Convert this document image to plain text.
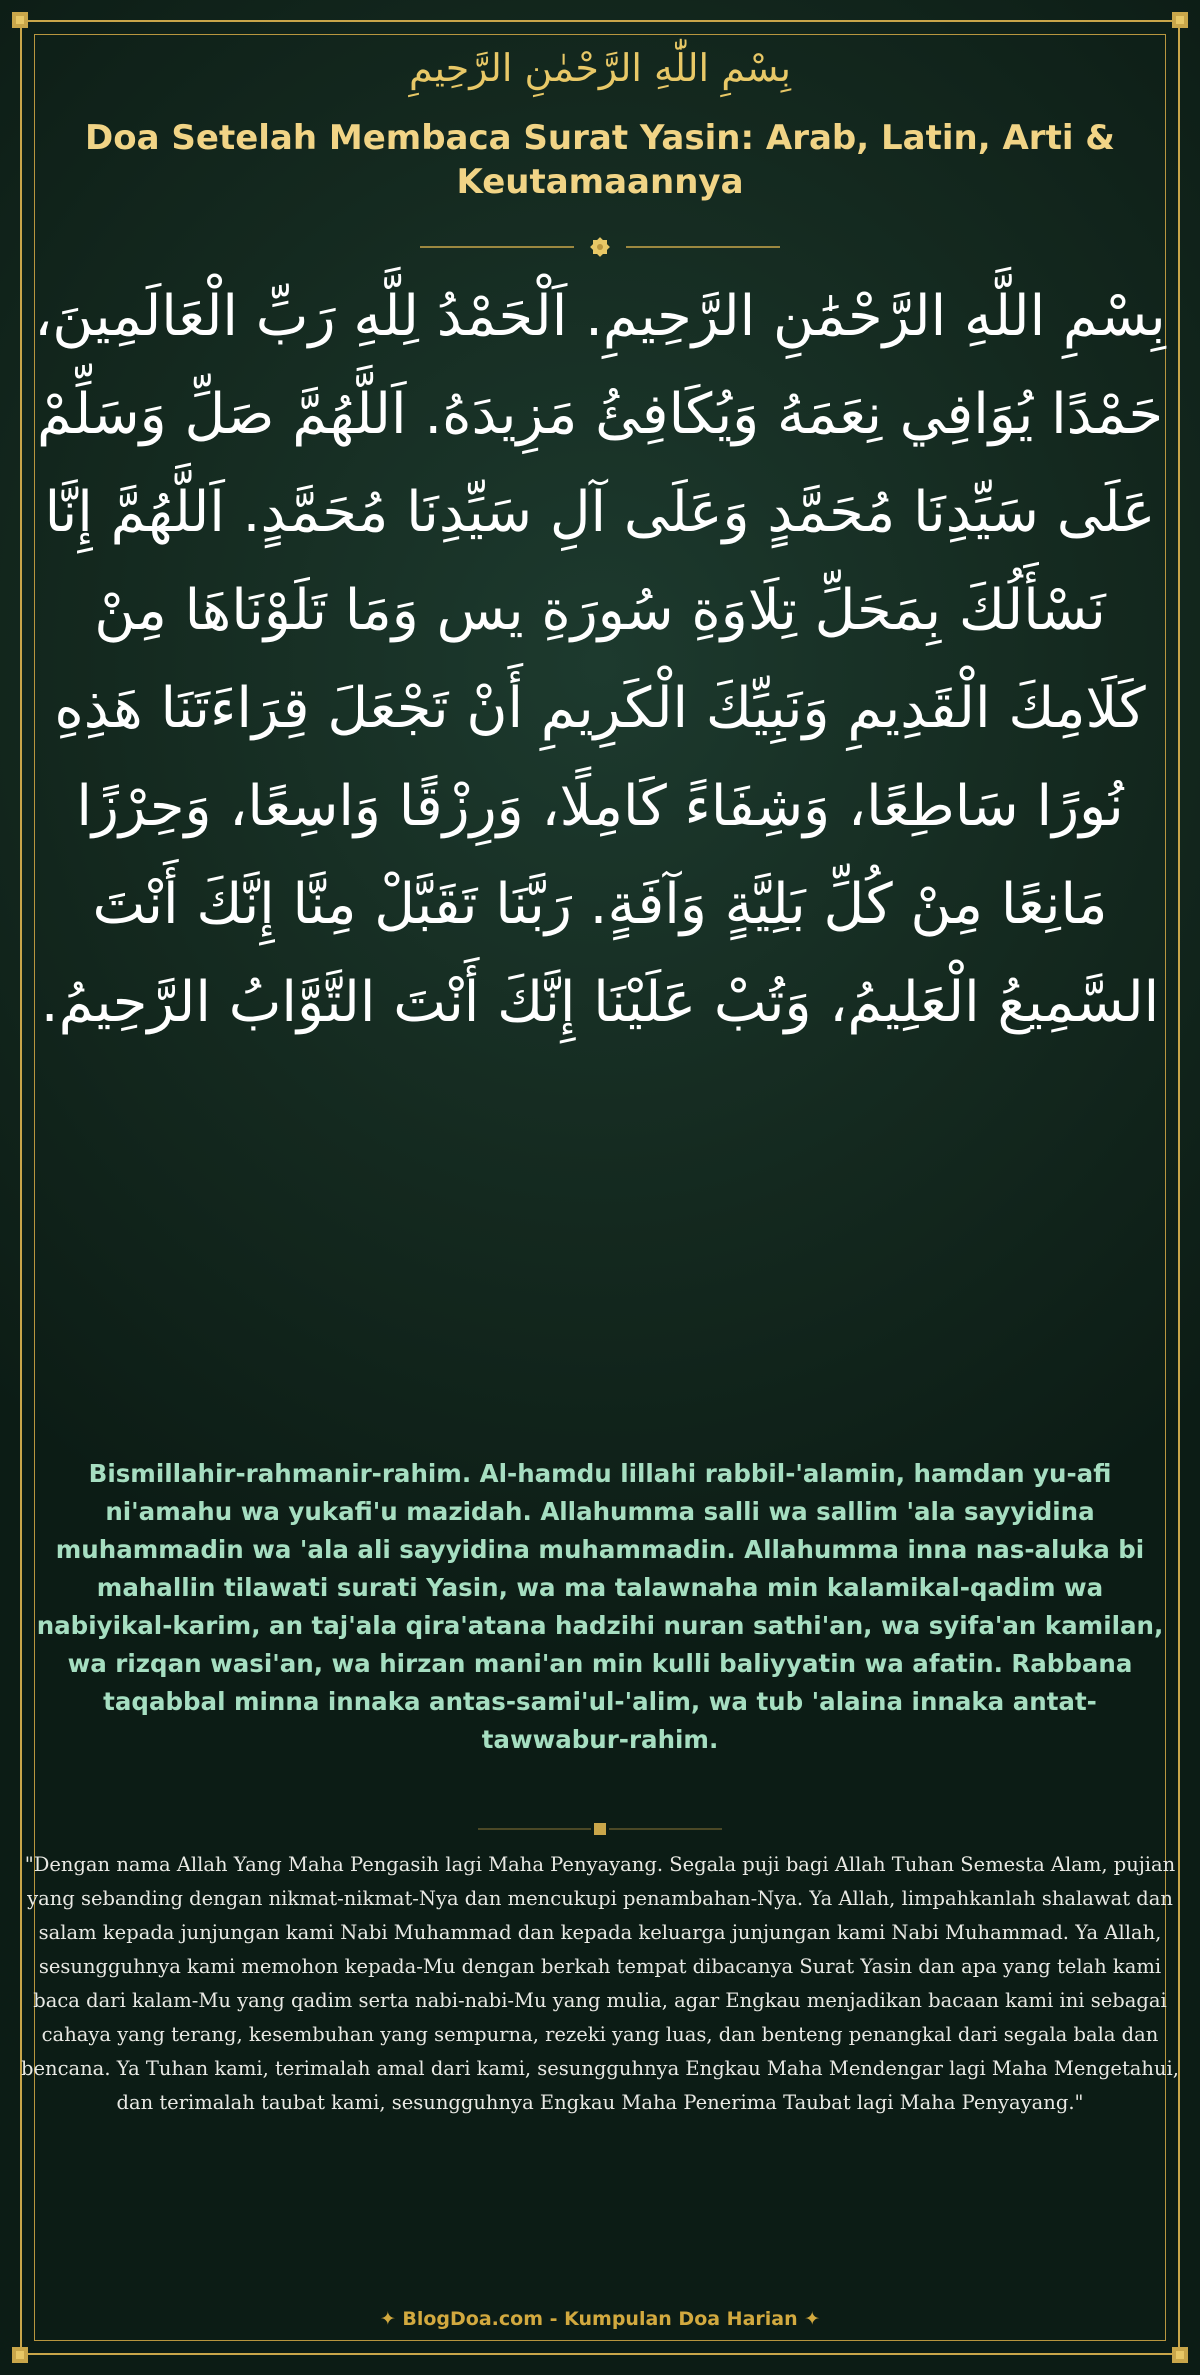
بِسْمِ اللّٰهِ الرَّحْمٰنِ الرَّحِيمِ
Doa Setelah Membaca Surat Yasin: Arab, Latin, Arti & Keutamaannya
بِسْمِ اللَّهِ الرَّحْمَٰنِ الرَّحِيمِ. اَلْحَمْدُ لِلَّهِ رَبِّ الْعَالَمِينَ، حَمْدًا يُوَافِي نِعَمَهُ وَيُكَافِئُ مَزِيدَهُ. اَللَّهُمَّ صَلِّ وَسَلِّمْ عَلَى سَيِّدِنَا مُحَمَّدٍ وَعَلَى آلِ سَيِّدِنَا مُحَمَّدٍ. اَللَّهُمَّ إِنَّا نَسْأَلُكَ بِمَحَلِّ تِلَاوَةِ سُورَةِ يس وَمَا تَلَوْنَاهَا مِنْ كَلَامِكَ الْقَدِيمِ وَنَبِيِّكَ الْكَرِيمِ أَنْ تَجْعَلَ قِرَاءَتَنَا هَذِهِ نُورًا سَاطِعًا، وَشِفَاءً كَامِلًا، وَرِزْقًا وَاسِعًا، وَحِرْزًا مَانِعًا مِنْ كُلِّ بَلِيَّةٍ وَآفَةٍ. رَبَّنَا تَقَبَّلْ مِنَّا إِنَّكَ أَنْتَ السَّمِيعُ الْعَلِيمُ، وَتُبْ عَلَيْنَا إِنَّكَ أَنْتَ التَّوَّابُ الرَّحِيمُ.
Bismillahir-rahmanir-rahim. Al-hamdu lillahi rabbil-'alamin, hamdan yu-afi ni'amahu wa yukafi'u mazidah. Allahumma salli wa sallim 'ala sayyidina muhammadin wa 'ala ali sayyidina muhammadin. Allahumma inna nas-aluka bi mahallin tilawati surati Yasin, wa ma talawnaha min kalamikal-qadim wa nabiyikal-karim, an taj'ala qira'atana hadzihi nuran sathi'an, wa syifa'an kamilan, wa rizqan wasi'an, wa hirzan mani'an min kulli baliyyatin wa afatin. Rabbana taqabbal minna innaka antas-sami'ul-'alim, wa tub 'alaina innaka antat-tawwabur-rahim.
"Dengan nama Allah Yang Maha Pengasih lagi Maha Penyayang. Segala puji bagi Allah Tuhan Semesta Alam, pujian yang sebanding dengan nikmat-nikmat-Nya dan mencukupi penambahan-Nya. Ya Allah, limpahkanlah shalawat dan salam kepada junjungan kami Nabi Muhammad dan kepada keluarga junjungan kami Nabi Muhammad. Ya Allah, sesungguhnya kami memohon kepada-Mu dengan berkah tempat dibacanya Surat Yasin dan apa yang telah kami baca dari kalam-Mu yang qadim serta nabi-nabi-Mu yang mulia, agar Engkau menjadikan bacaan kami ini sebagai cahaya yang terang, kesembuhan yang sempurna, rezeki yang luas, dan benteng penangkal dari segala bala dan bencana. Ya Tuhan kami, terimalah amal dari kami, sesungguhnya Engkau Maha Mendengar lagi Maha Mengetahui, dan terimalah taubat kami, sesungguhnya Engkau Maha Penerima Taubat lagi Maha Penyayang."
✦ BlogDoa.com - Kumpulan Doa Harian ✦
